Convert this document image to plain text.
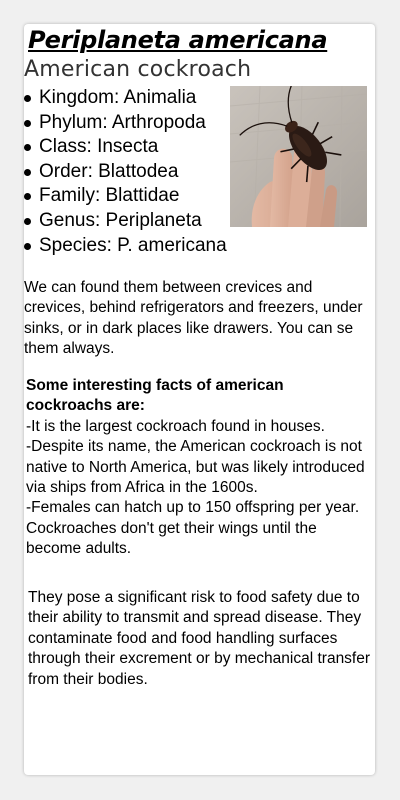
Periplaneta americana
American cockroach
Kingdom: Animalia
Phylum: Arthropoda
Class: Insecta
Order: Blattodea
Family: Blattidae
Genus: Periplaneta
Species: P. americana

We can found them between crevices and crevices, behind refrigerators and freezers, under sinks, or in dark places like drawers. You can se them always.

Some interesting facts of american cockroachs are:
-It is the largest cockroach found in houses.
-Despite its name, the American cockroach is not native to North America, but was likely introduced via ships from Africa in the 1600s.
-Females can hatch up to 150 offspring per year. Cockroaches don't get their wings until the become adults.

They pose a significant risk to food safety due to their ability to transmit and spread disease. They contaminate food and food handling surfaces through their excrement or by mechanical transfer from their bodies.
